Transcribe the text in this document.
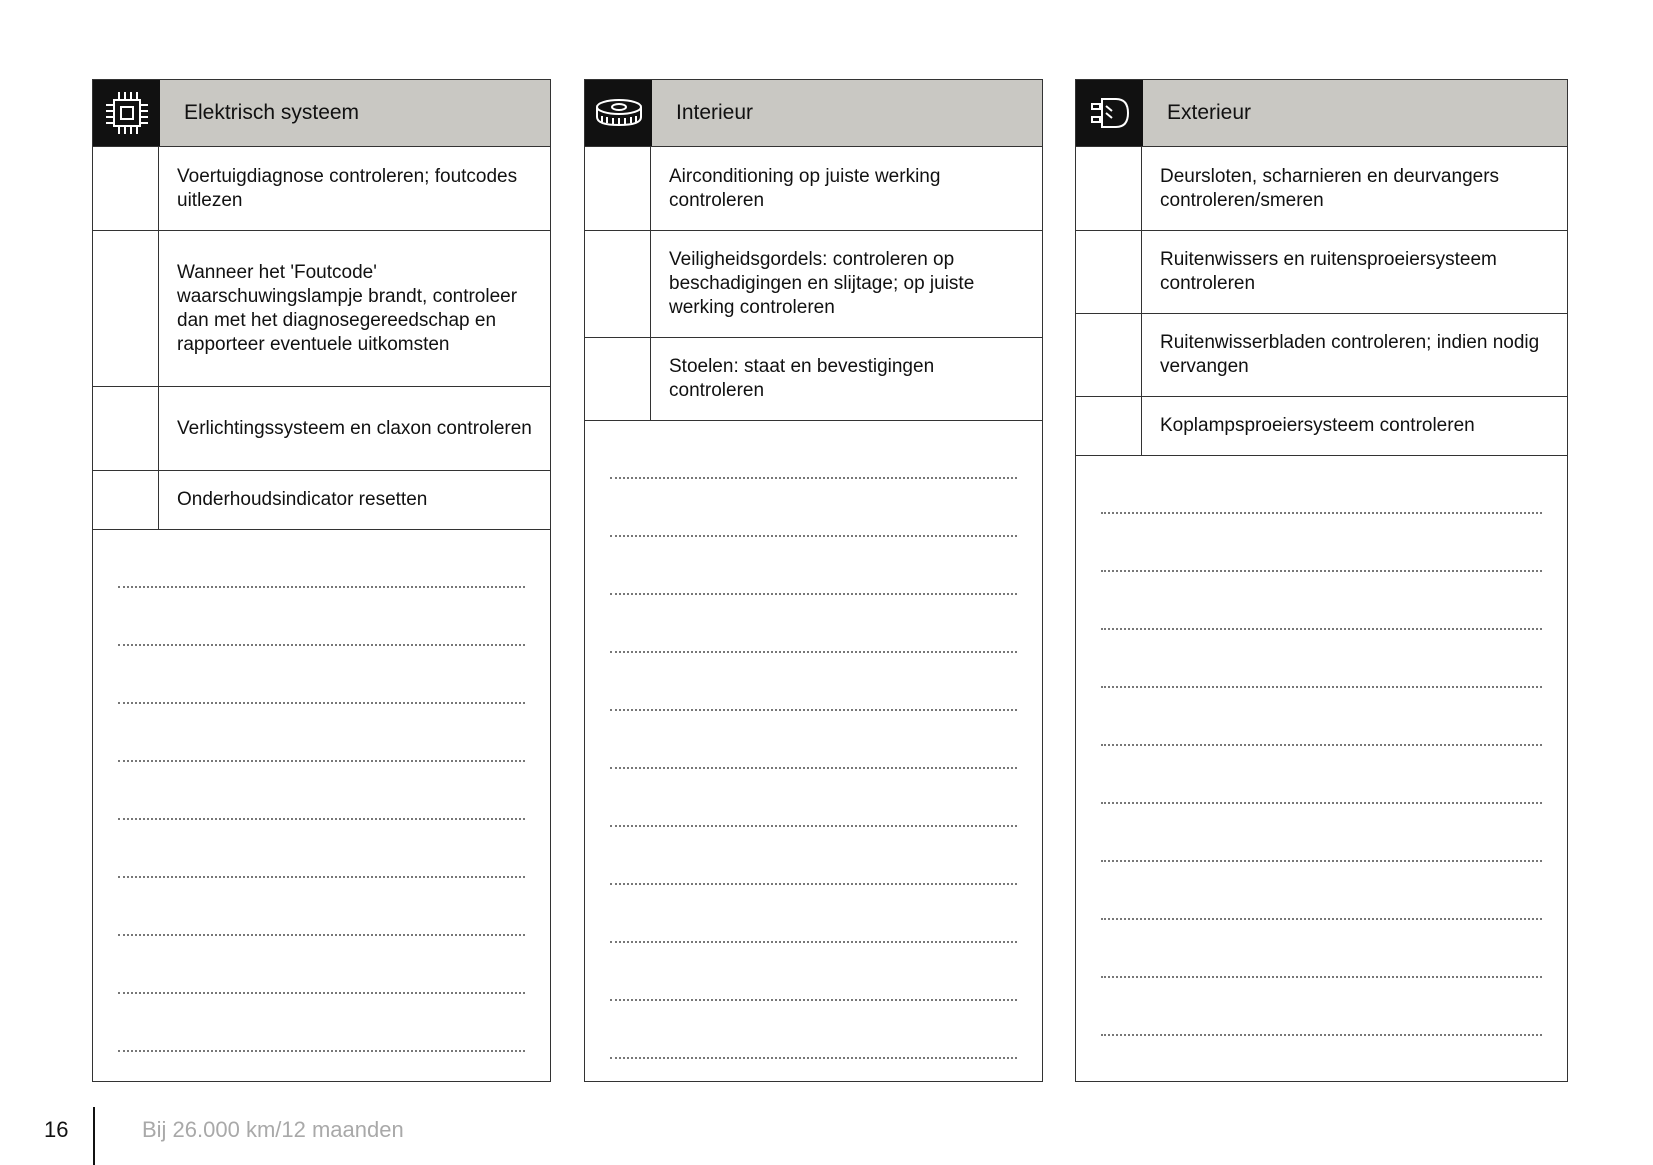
Elektrisch systeem
Voertuigdiagnose controleren; foutcodes uitlezen
Wanneer het 'Foutcode' waarschuwingslampje brandt, controleer dan met het diagnosegereedschap en rapporteer eventuele uitkomsten
Verlichtingssysteem en claxon controleren
Onderhoudsindicator resetten
Interieur
Airconditioning op juiste werking controleren
Veiligheidsgordels: controleren op beschadigingen en slijtage; op juiste werking controleren
Stoelen: staat en bevestigingen controleren
Exterieur
Deursloten, scharnieren en deurvangers controleren/smeren
Ruitenwissers en ruitensproeiersysteem controleren
Ruitenwisserbladen controleren; indien nodig vervangen
Koplampsproeiersysteem controleren
16	Bij 26.000 km/12 maanden
